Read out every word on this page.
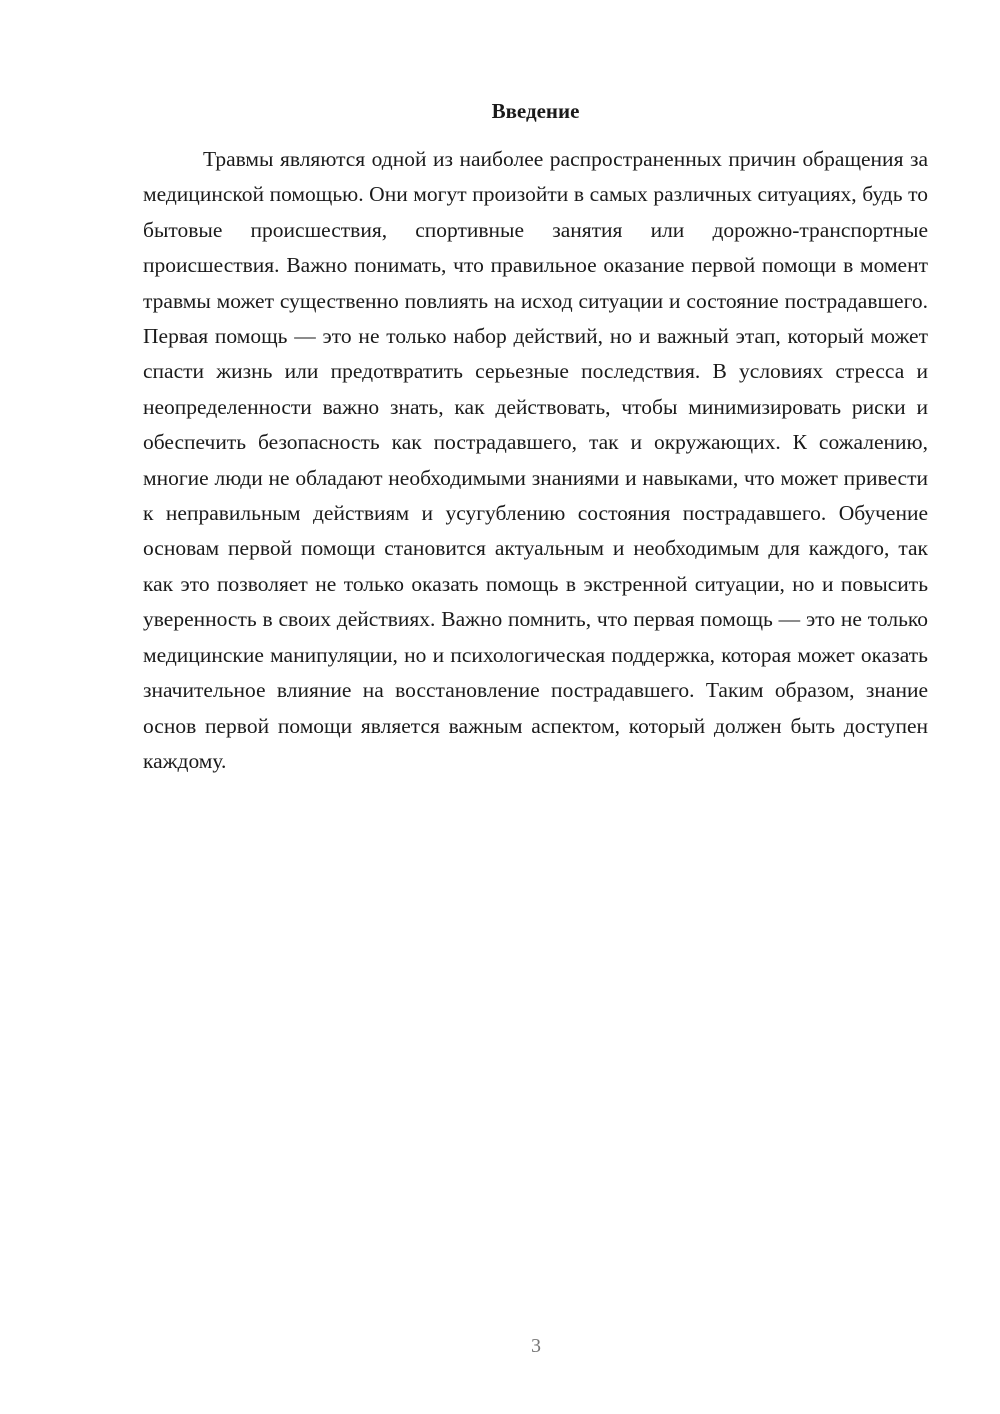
Введение

Травмы являются одной из наиболее распространенных причин обращения за медицинской помощью. Они могут произойти в самых различных ситуациях, будь то бытовые происшествия, спортивные занятия или дорожно-транспортные происшествия. Важно понимать, что правильное оказание первой помощи в момент травмы может существенно повлиять на исход ситуации и состояние пострадавшего. Первая помощь — это не только набор действий, но и важный этап, который может спасти жизнь или предотвратить серьезные последствия. В условиях стресса и неопределенности важно знать, как действовать, чтобы минимизировать риски и обеспечить безопасность как пострадавшего, так и окружающих. К сожалению, многие люди не обладают необходимыми знаниями и навыками, что может привести к неправильным действиям и усугублению состояния пострадавшего. Обучение основам первой помощи становится актуальным и необходимым для каждого, так как это позволяет не только оказать помощь в экстренной ситуации, но и повысить уверенность в своих действиях. Важно помнить, что первая помощь — это не только медицинские манипуляции, но и психологическая поддержка, которая может оказать значительное влияние на восстановление пострадавшего. Таким образом, знание основ первой помощи является важным аспектом, который должен быть доступен каждому.

3
